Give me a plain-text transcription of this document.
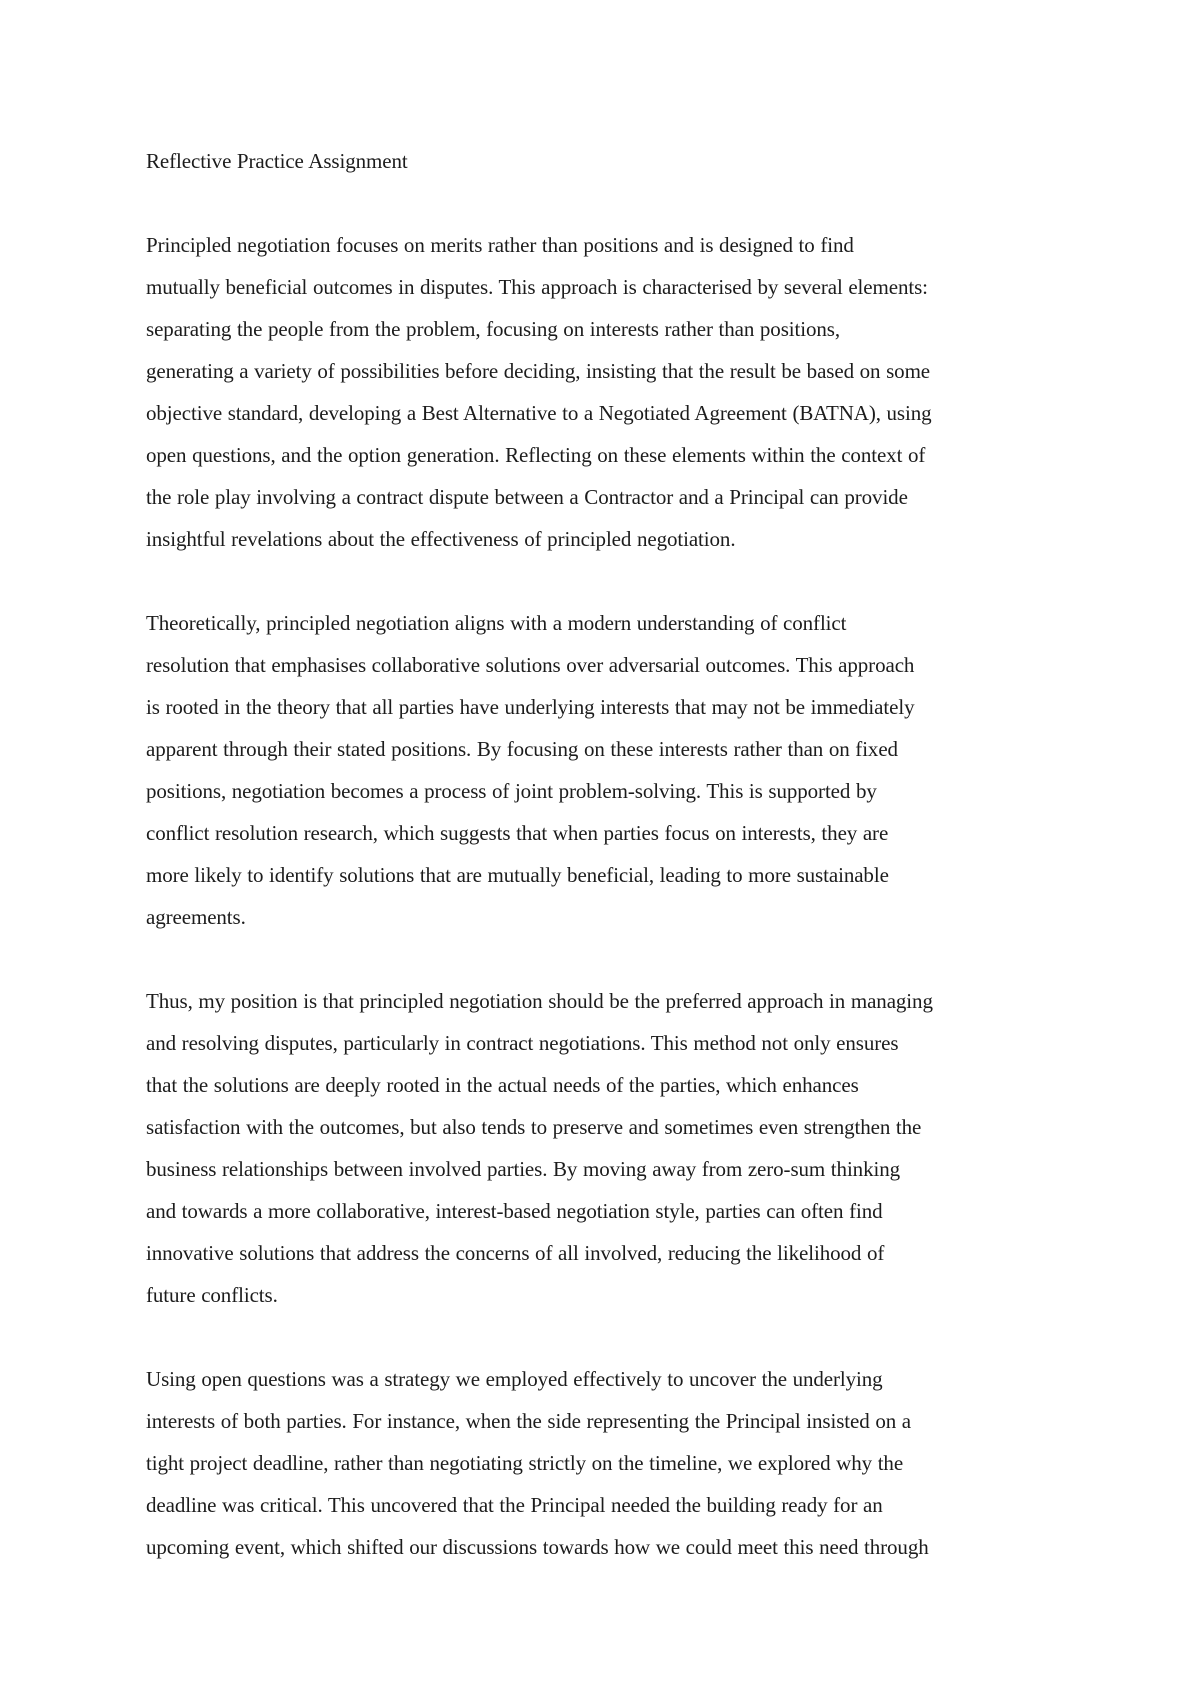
Reflective Practice Assignment
Principled negotiation focuses on merits rather than positions and is designed to find
mutually beneficial outcomes in disputes. This approach is characterised by several elements:
separating the people from the problem, focusing on interests rather than positions,
generating a variety of possibilities before deciding, insisting that the result be based on some
objective standard, developing a Best Alternative to a Negotiated Agreement (BATNA), using
open questions, and the option generation. Reflecting on these elements within the context of
the role play involving a contract dispute between a Contractor and a Principal can provide
insightful revelations about the effectiveness of principled negotiation.
Theoretically, principled negotiation aligns with a modern understanding of conflict
resolution that emphasises collaborative solutions over adversarial outcomes. This approach
is rooted in the theory that all parties have underlying interests that may not be immediately
apparent through their stated positions. By focusing on these interests rather than on fixed
positions, negotiation becomes a process of joint problem-solving. This is supported by
conflict resolution research, which suggests that when parties focus on interests, they are
more likely to identify solutions that are mutually beneficial, leading to more sustainable
agreements.
Thus, my position is that principled negotiation should be the preferred approach in managing
and resolving disputes, particularly in contract negotiations. This method not only ensures
that the solutions are deeply rooted in the actual needs of the parties, which enhances
satisfaction with the outcomes, but also tends to preserve and sometimes even strengthen the
business relationships between involved parties. By moving away from zero-sum thinking
and towards a more collaborative, interest-based negotiation style, parties can often find
innovative solutions that address the concerns of all involved, reducing the likelihood of
future conflicts.
Using open questions was a strategy we employed effectively to uncover the underlying
interests of both parties. For instance, when the side representing the Principal insisted on a
tight project deadline, rather than negotiating strictly on the timeline, we explored why the
deadline was critical. This uncovered that the Principal needed the building ready for an
upcoming event, which shifted our discussions towards how we could meet this need through
